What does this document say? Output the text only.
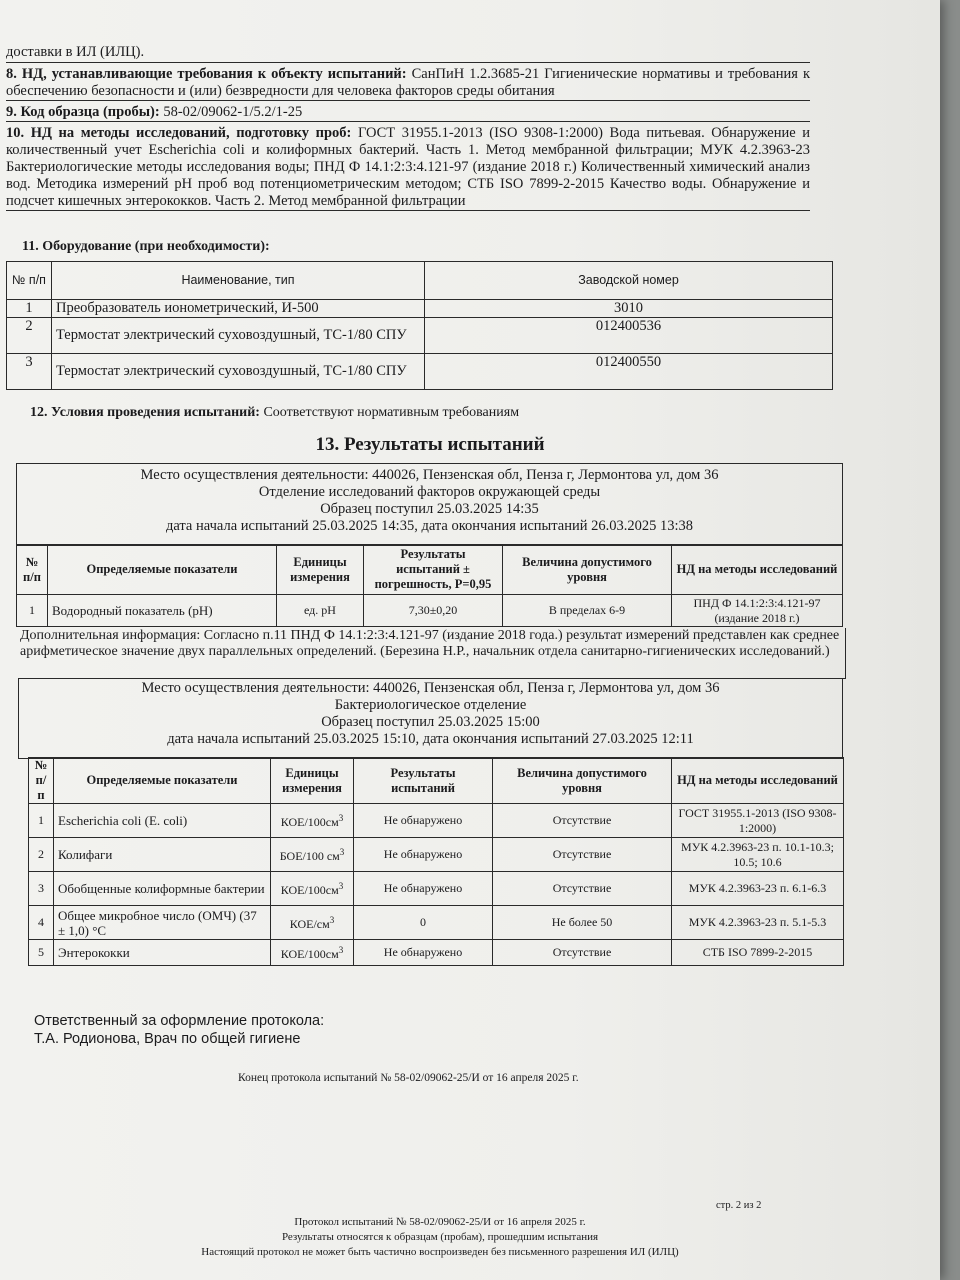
доставки в ИЛ (ИЛЦ).
8. НД, устанавливающие требования к объекту испытаний: СанПиН 1.2.3685-21 Гигиенические нормативы и требования к обеспечению безопасности и (или) безвредности для человека факторов среды обитания
9. Код образца (пробы): 58-02/09062-1/5.2/1-25
10. НД на методы исследований, подготовку проб: ГОСТ 31955.1-2013 (ISO 9308-1:2000) Вода питьевая. Обнаружение и количественный учет Escherichia coli и колиформных бактерий. Часть 1. Метод мембранной фильтрации; МУК 4.2.3963-23 Бактериологические методы исследования воды; ПНД Ф 14.1:2:3:4.121-97 (издание 2018 г.) Количественный химический анализ вод. Методика измерений рН проб вод потенциометрическим методом; СТБ ISO 7899-2-2015 Качество воды. Обнаружение и подсчет кишечных энтерококков. Часть 2. Метод мембранной фильтрации
11. Оборудование (при необходимости):
№ п/п	Наименование, тип	Заводской номер
1	Преобразователь ионометрический, И-500	3010
2	Термостат электрический суховоздушный, ТС-1/80 СПУ	012400536
3	Термостат электрический суховоздушный, ТС-1/80 СПУ	012400550
12. Условия проведения испытаний: Соответствуют нормативным требованиям
13. Результаты испытаний
Место осуществления деятельности: 440026, Пензенская обл, Пенза г, Лермонтова ул, дом 36
Отделение исследований факторов окружающей среды
Образец поступил 25.03.2025 14:35
дата начала испытаний 25.03.2025 14:35, дата окончания испытаний 26.03.2025 13:38
№ п/п	Определяемые показатели	Единицы измерения	Результаты испытаний ± погрешность, P=0,95	Величина допустимого уровня	НД на методы исследований
1	Водородный показатель (рН)	ед. pH	7,30±0,20	В пределах 6-9	ПНД Ф 14.1:2:3:4.121-97 (издание 2018 г.)
Дополнительная информация: Согласно п.11 ПНД Ф 14.1:2:3:4.121-97 (издание 2018 года.) результат измерений представлен как среднее арифметическое значение двух параллельных определений. (Березина Н.Р., начальник отдела санитарно-гигиенических исследований.)
Место осуществления деятельности: 440026, Пензенская обл, Пенза г, Лермонтова ул, дом 36
Бактериологическое отделение
Образец поступил 25.03.2025 15:00
дата начала испытаний 25.03.2025 15:10, дата окончания испытаний 27.03.2025 12:11
№ п/п	Определяемые показатели	Единицы измерения	Результаты испытаний	Величина допустимого уровня	НД на методы исследований
1	Escherichia coli (E. coli)	КОЕ/$100см^3$	Не обнаружено	Отсутствие	ГОСТ 31955.1-2013 (ISO 9308-1:2000)
2	Колифаги	БОЕ/100 $см^3$	Не обнаружено	Отсутствие	МУК 4.2.3963-23 п. 10.1-10.3; 10.5; 10.6
3	Обобщенные колиформные бактерии	КОЕ/$100см^3$	Не обнаружено	Отсутствие	МУК 4.2.3963-23 п. 6.1-6.3
4	Общее микробное число (ОМЧ) (37 ± 1,0) °С	КОЕ/$см^3$	0	Не более 50	МУК 4.2.3963-23 п. 5.1-5.3
5	Энтерококки	КОЕ/$100см^3$	Не обнаружено	Отсутствие	СТБ ISO 7899-2-2015
Ответственный за оформление протокола:
Т.А. Родионова, Врач по общей гигиене
Конец протокола испытаний № 58-02/09062-25/И от 16 апреля 2025 г.
стр. 2 из 2
Протокол испытаний № 58-02/09062-25/И от 16 апреля 2025 г.
Результаты относятся к образцам (пробам), прошедшим испытания
Настоящий протокол не может быть частично воспроизведен без письменного разрешения ИЛ (ИЛЦ)
